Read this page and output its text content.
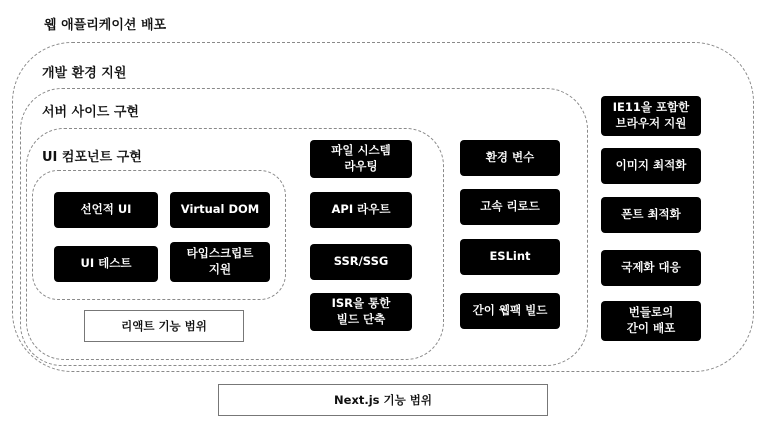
웹 애플리케이션 배포
개발 환경 지원
서버 사이드 구현
UI 컴포넌트 구현
선언적 UI	Virtual DOM
UI 테스트
타입스크립트
지원
리액트 기능 범위
파일 시스템
라우팅
API 라우트
SSR/SSG
ISR을 통한
빌드 단축
환경 변수
고속 리로드
ESLint
간이 웹팩 빌드
IE11을 포함한
브라우저 지원
이미지 최적화
폰트 최적화
국제화 대응
번들로의
간이 배포
Next.js 기능 범위
